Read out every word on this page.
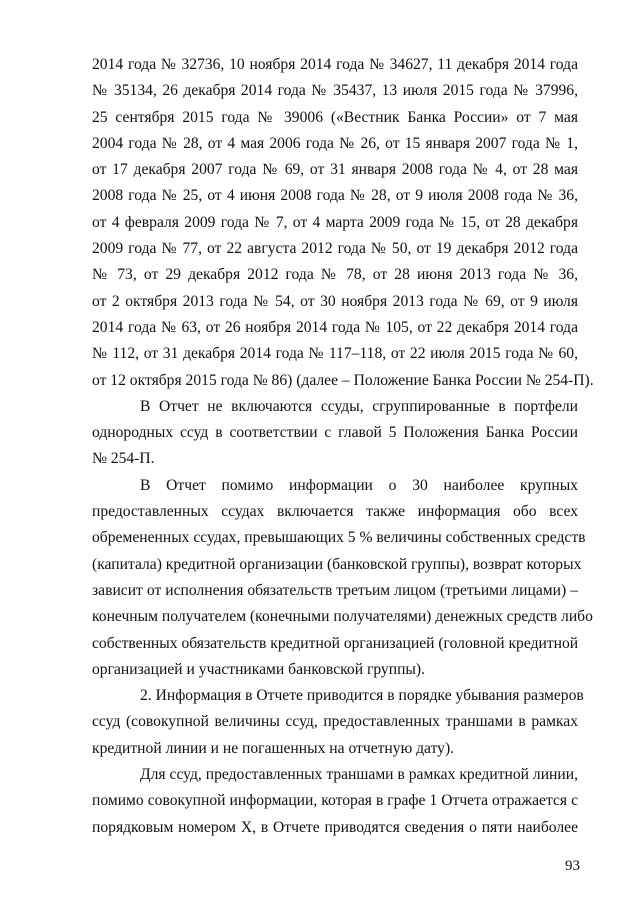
2014 года № 32736, 10 ноября 2014 года № 34627, 11 декабря 2014 года
№ 35134, 26 декабря 2014 года № 35437, 13 июля 2015 года № 37996,
25 сентября 2015 года № 39006 («Вестник Банка России» от 7 мая
2004 года № 28, от 4 мая 2006 года № 26, от 15 января 2007 года № 1,
от 17 декабря 2007 года № 69, от 31 января 2008 года № 4, от 28 мая
2008 года № 25, от 4 июня 2008 года № 28, от 9 июля 2008 года № 36,
от 4 февраля 2009 года № 7, от 4 марта 2009 года № 15, от 28 декабря
2009 года № 77, от 22 августа 2012 года № 50, от 19 декабря 2012 года
№ 73, от 29 декабря 2012 года № 78, от 28 июня 2013 года № 36,
от 2 октября 2013 года № 54, от 30 ноября 2013 года № 69, от 9 июля
2014 года № 63, от 26 ноября 2014 года № 105, от 22 декабря 2014 года
№ 112, от 31 декабря 2014 года № 117–118, от 22 июля 2015 года № 60,
от 12 октября 2015 года № 86) (далее – Положение Банка России № 254-П).
В Отчет не включаются ссуды, сгруппированные в портфели
однородных ссуд в соответствии с главой 5 Положения Банка России
№ 254-П.
В Отчет помимо информации о 30 наиболее крупных
предоставленных ссудах включается также информация обо всех
обремененных ссудах, превышающих 5 % величины собственных средств
(капитала) кредитной организации (банковской группы), возврат которых
зависит от исполнения обязательств третьим лицом (третьими лицами) –
конечным получателем (конечными получателями) денежных средств либо
собственных обязательств кредитной организацией (головной кредитной
организацией и участниками банковской группы).
2. Информация в Отчете приводится в порядке убывания размеров
ссуд (совокупной величины ссуд, предоставленных траншами в рамках
кредитной линии и не погашенных на отчетную дату).
Для ссуд, предоставленных траншами в рамках кредитной линии,
помимо совокупной информации, которая в графе 1 Отчета отражается с
порядковым номером Х, в Отчете приводятся сведения о пяти наиболее
93
